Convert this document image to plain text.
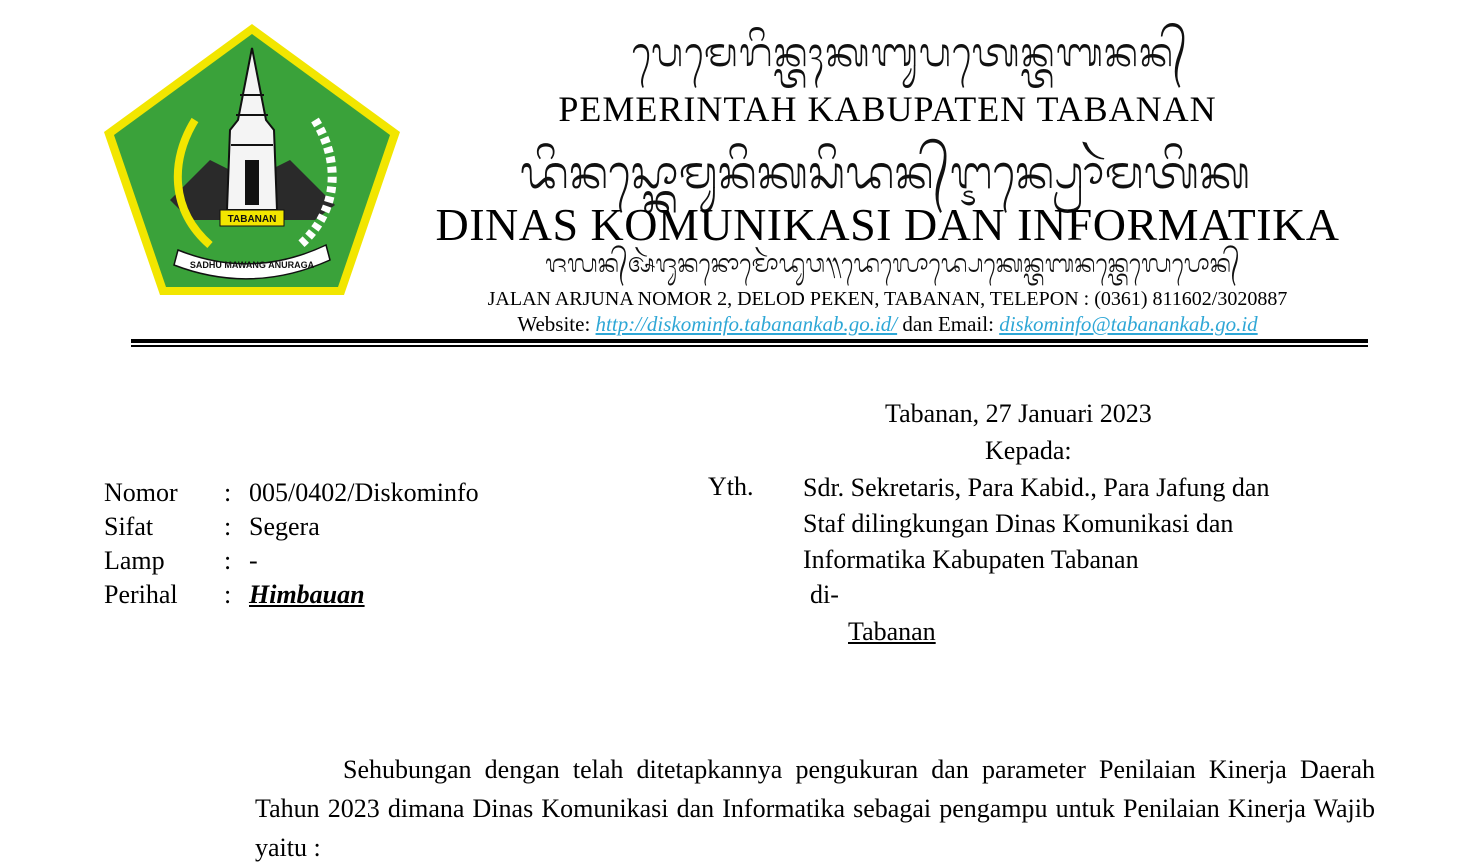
TABANAN
SADHU MAWANG ANURAGA
ᬧᬾᬫᬾᬭᬶᬦ᭄ᬢᬄᬓᬩᬸᬧᬢᬾᬦ᭄ᬢᬩᬦᬦ᭄
PEMERINTAH KABUPATEN TABANAN
ᬤᬶᬦᬲ᭄ᬓᭀᬫᬸᬦᬶᬓᬲᬶᬤᬦ᭄ᬇᬦ᭄ᬧ᭄ᬭᭀᬃᬫᬢᬶᬓ
DINAS KOMUNIKASI DAN INFORMATIKA
ᬚᬮᬦ᭄ᬅᬃᬚᬸᬦᬦᭀᬫᭀᬃᬤᬸᬯ᭟ᬤᬾᬮᭀᬤ᭄ᬧᬾᬓᬾᬦ᭄ᬢᬩᬦᬦ᭄ᬢᬾᬮᬾᬧᭀᬦ᭄
JALAN ARJUNA NOMOR 2, DELOD PEKEN, TABANAN, TELEPON : (0361) 811602/3020887
Website: http://diskominfo.tabanankab.go.id/ dan Email: diskominfo@tabanankab.go.id
Tabanan, 27 Januari 2023
Kepada:
Nomor
Sifat
Lamp
Perihal
:
:
:
:
005/0402/Diskominfo
Segera
-
Himbauan
Yth. Sdr. Sekretaris, Para Kabid., Para Jafung dan
Staf dilingkungan Dinas Komunikasi dan
Informatika Kabupaten Tabanan
di-
Tabanan
Sehubungan dengan telah ditetapkannya pengukuran dan parameter Penilaian Kinerja Daerah Tahun 2023 dimana Dinas Komunikasi dan Informatika sebagai pengampu untuk Penilaian Kinerja Wajib yaitu :
